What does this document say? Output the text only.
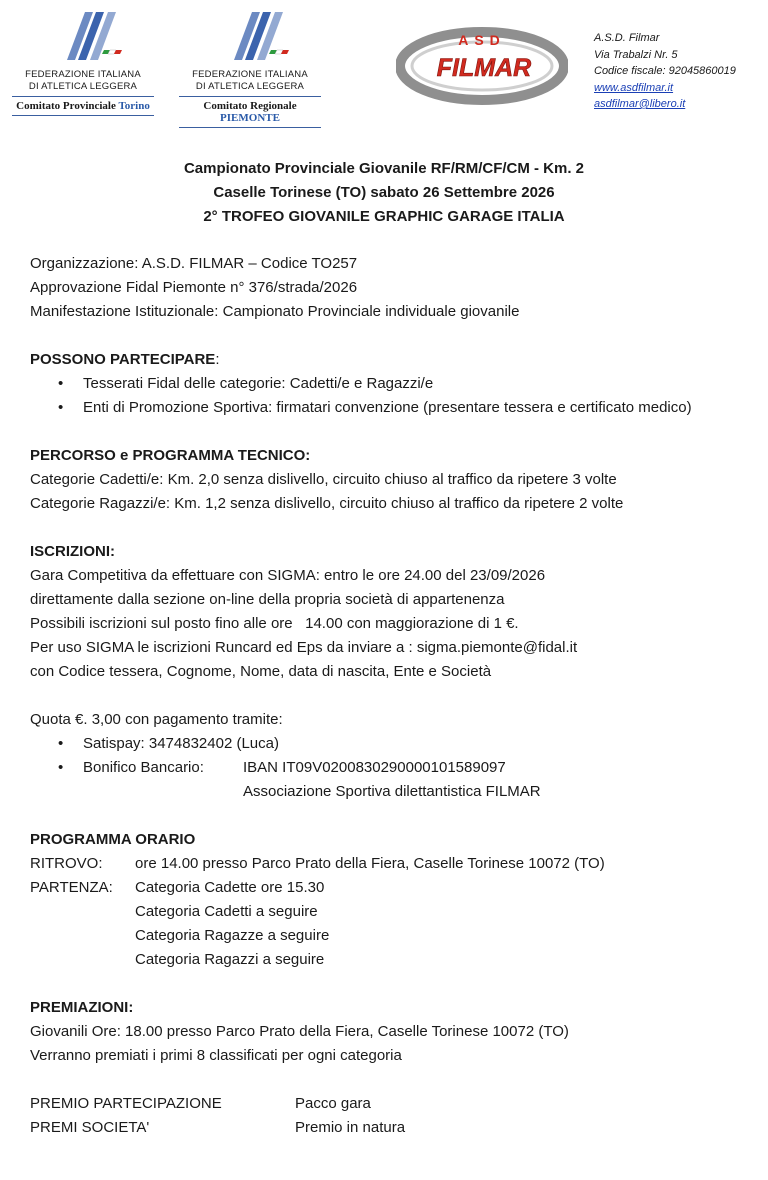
FEDERAZIONE ITALIANA
DI ATLETICA LEGGERA
Comitato Provinciale Torino
FEDERAZIONE ITALIANA
DI ATLETICA LEGGERA
Comitato Regionale PIEMONTE
ASD
FILMAR
A.S.D. Filmar
Via Trabalzi Nr. 5
Codice fiscale: 92045860019
www.asdfilmar.it
asdfilmar@libero.it
Campionato Provinciale Giovanile RF/RM/CF/CM - Km. 2
Caselle Torinese (TO) sabato 26 Settembre 2026
2° TROFEO GIOVANILE GRAPHIC GARAGE ITALIA

Organizzazione: A.S.D. FILMAR – Codice TO257

Approvazione Fidal Piemonte n° 376/strada/2026

Manifestazione Istituzionale: Campionato Provinciale individuale giovanile

POSSONO PARTECIPARE:

• Tesserati Fidal delle categorie: Cadetti/e e Ragazzi/e
• Enti di Promozione Sportiva: firmatari convenzione (presentare tessera e certificato medico)

PERCORSO e PROGRAMMA TECNICO:

Categorie Cadetti/e: Km. 2,0 senza dislivello, circuito chiuso al traffico da ripetere 3 volte

Categorie Ragazzi/e: Km. 1,2 senza dislivello, circuito chiuso al traffico da ripetere 2 volte

ISCRIZIONI:

Gara Competitiva da effettuare con SIGMA: entro le ore 24.00 del 23/09/2026

direttamente dalla sezione on-line della propria società di appartenenza

Possibili iscrizioni sul posto fino alle ore   14.00 con maggiorazione di 1 €.

Per uso SIGMA le iscrizioni Runcard ed Eps da inviare a : sigma.piemonte@fidal.it

con Codice tessera, Cognome, Nome, data di nascita, Ente e Società

Quota €. 3,00 con pagamento tramite:

• Satispay: 3474832402 (Luca)
• Bonifico Bancario:	IBAN IT09V0200830290000101589097

Associazione Sportiva dilettantistica FILMAR

PROGRAMMA ORARIO

RITROVO: ore 14.00 presso Parco Prato della Fiera, Caselle Torinese 10072 (TO)

PARTENZA: Categoria Cadette ore 15.30

Categoria Cadetti a seguire

Categoria Ragazze a seguire

Categoria Ragazzi a seguire

PREMIAZIONI:

Giovanili Ore: 18.00 presso Parco Prato della Fiera, Caselle Torinese 10072 (TO)

Verranno premiati i primi 8 classificati per ogni categoria

PREMIO PARTECIPAZIONE	Pacco gara

PREMI SOCIETA'	Premio in natura
